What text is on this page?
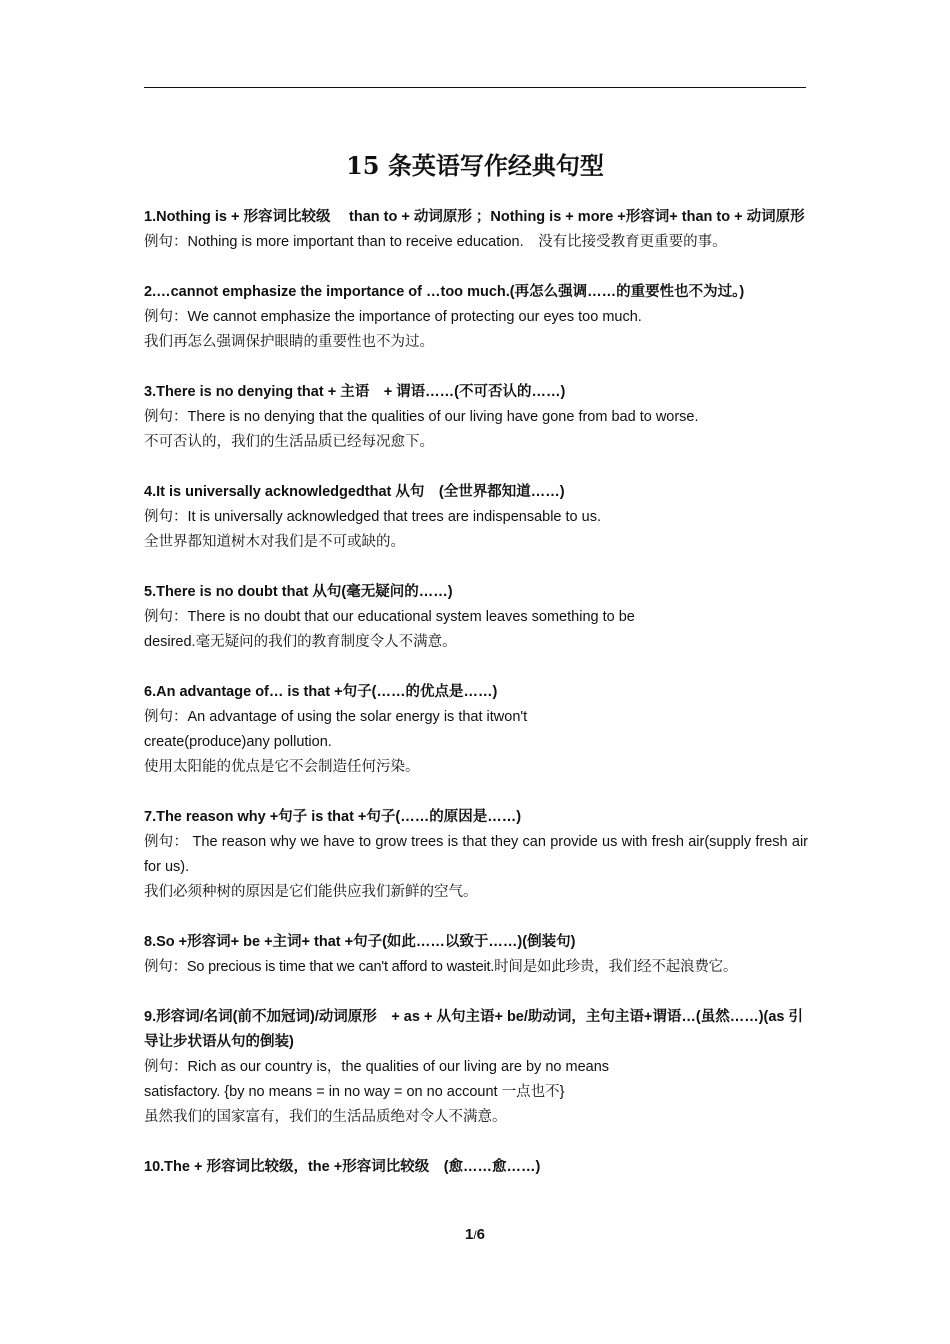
15 条英语写作经典句型

1.Nothing is + 形容词比较级　 than to + 动词原形 ；Nothing is + more +形容词+ than to + 动词原形

例句：Nothing is more important than to receive education.　没有比接受教育更重要的事。

2.…cannot emphasize the importance of …too much.(再怎么强调……的重要性也不为过。)

例句：We cannot emphasize the importance of protecting our eyes too much.

我们再怎么强调保护眼睛的重要性也不为过。

3.There is no denying that + 主语　+ 谓语……(不可否认的……)

例句：There is no denying that the qualities of our living have gone from bad to worse.

不可否认的，我们的生活品质已经每况愈下。

4.It is universally acknowledgedthat 从句　(全世界都知道……)

例句：It is universally acknowledged that trees are indispensable to us.

全世界都知道树木对我们是不可或缺的。

5.There is no doubt that 从句(毫无疑问的……)

例句：There is no doubt that our educational system leaves something to be

desired.毫无疑问的我们的教育制度令人不满意。

6.An advantage of… is that +句子(……的优点是……)

例句：An advantage of using the solar energy is that itwon't

create(produce)any pollution.

使用太阳能的优点是它不会制造任何污染。

7.The reason why +句子 is that +句子(……的原因是……)

例句： The reason why we have to grow trees is that they can provide us with fresh air(supply fresh air for us).

我们必须种树的原因是它们能供应我们新鲜的空气。

8.So +形容词+ be +主词+ that +句子(如此……以致于……)(倒装句)

例句：So precious is time that we can't afford to wasteit.时间是如此珍贵，我们经不起浪费它。

9.形容词/名词(前不加冠词)/动词原形　+ as + 从句主语+ be/助动词，主句主语+谓语…(虽然……)(as 引导让步状语从句的倒装)

例句：Rich as our country is，the qualities of our living are by no means

satisfactory. {by no means = in no way = on no account 一点也不}

虽然我们的国家富有，我们的生活品质绝对令人不满意。

10.The + 形容词比较级，the +形容词比较级　(愈……愈……)

1/6
